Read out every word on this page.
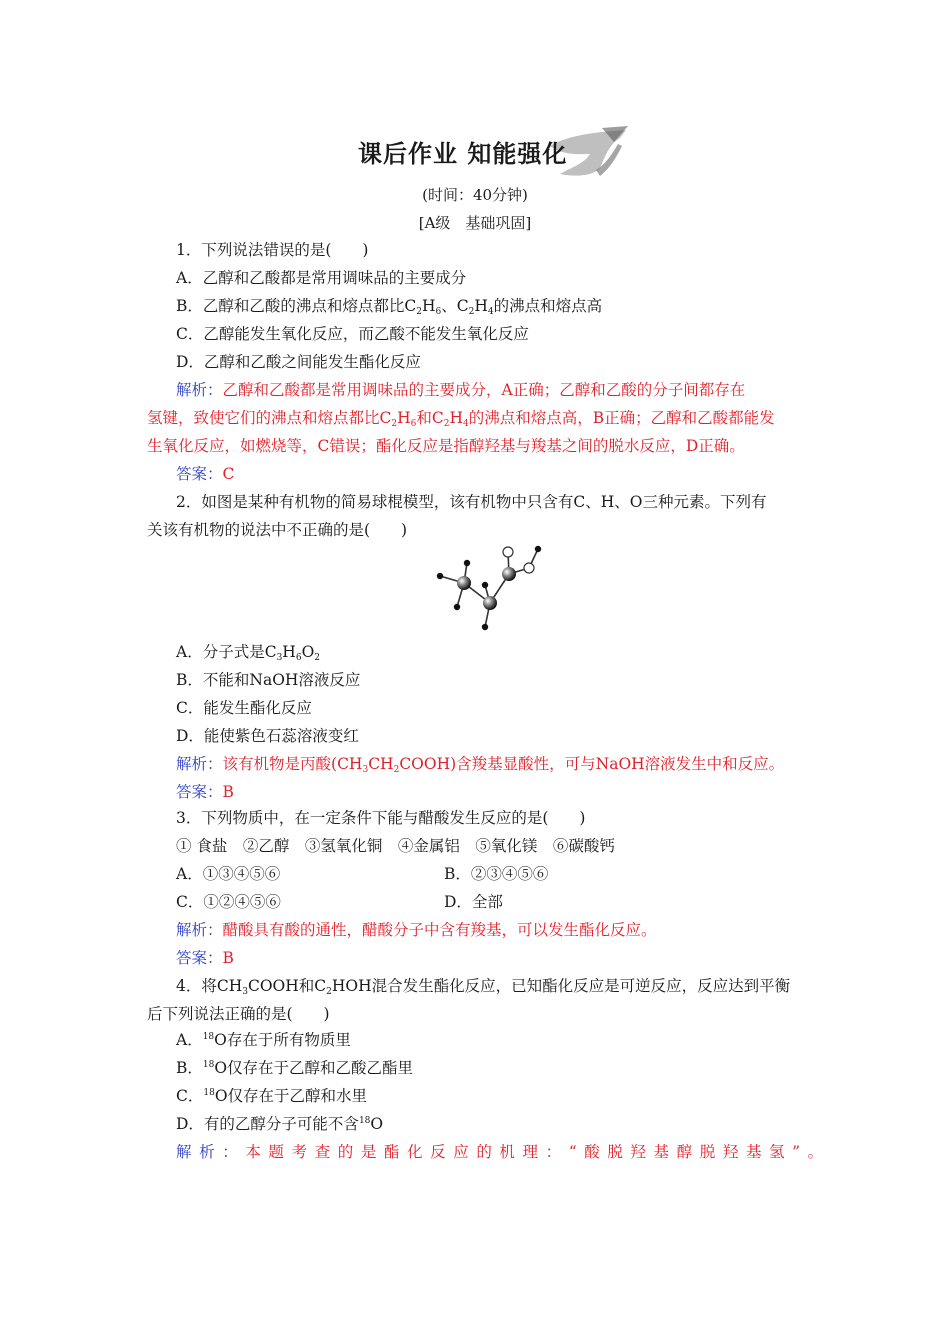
课后作业 知能强化
(时间：40分钟)
[A级　基础巩固]
1．下列说法错误的是(　　)
A．乙醇和乙酸都是常用调味品的主要成分
B．乙醇和乙酸的沸点和熔点都比$C_2H_6$、$C_2H_4$的沸点和熔点高
C．乙醇能发生氧化反应，而乙酸不能发生氧化反应
D．乙醇和乙酸之间能发生酯化反应
解析：乙醇和乙酸都是常用调味品的主要成分，A正确；乙醇和乙酸的分子间都存在
氢键，致使它们的沸点和熔点都比$C_2H_6$和$C_2H_4$的沸点和熔点高，B正确；乙醇和乙酸都能发
生氧化反应，如燃烧等，C错误；酯化反应是指醇羟基与羧基之间的脱水反应，D正确。
答案：C
2．如图是某种有机物的简易球棍模型，该有机物中只含有C、H、O三种元素。下列有
关该有机物的说法中不正确的是(　　)
A．分子式是$C_3H_6O_2$
B．不能和NaOH溶液反应
C．能发生酯化反应
D．能使紫色石蕊溶液变红
解析：该有机物是丙酸$(CH_3CH_2COOH)$含羧基显酸性，可与NaOH溶液发生中和反应。
答案：B
3．下列物质中，在一定条件下能与醋酸发生反应的是(　　)
① 食盐　②乙醇　③氢氧化铜　④金属铝　⑤氧化镁　⑥碳酸钙
A．①③④⑤⑥	B．②③④⑤⑥
C．①②④⑤⑥	D．全部
解析：醋酸具有酸的通性，醋酸分子中含有羧基，可以发生酯化反应。
答案：B
4．将$CH_3COOH$和$C_2HOH$混合发生酯化反应，已知酯化反应是可逆反应，反应达到平衡
后下列说法正确的是(　　)
A．$^{18}$O存在于所有物质里
B．$^{18}$O仅存在于乙醇和乙酸乙酯里
C．$^{18}$O仅存在于乙醇和水里
D．有的乙醇分子可能不含$^{18}$O
解析：本题考查的是酯化反应的机理：“酸脱羟基醇脱羟基氢”。
